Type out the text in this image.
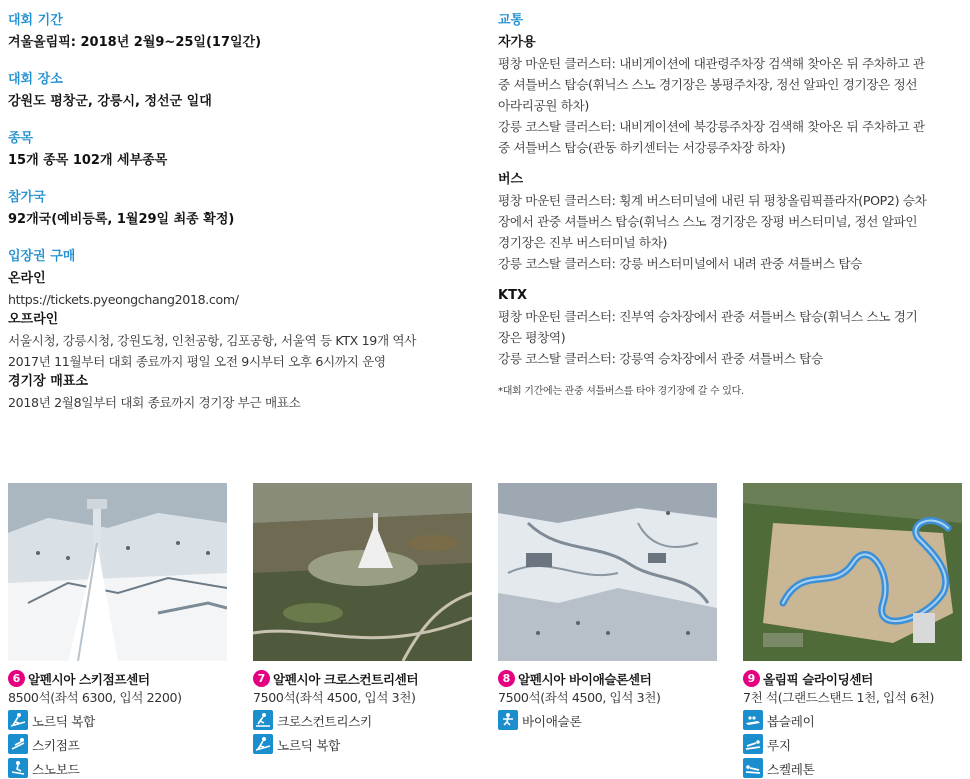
대회 기간

겨울올림픽: 2018년 2월9~25일(17일간)

대회 장소

강원도 평창군, 강릉시, 정선군 일대

종목

15개 종목 102개 세부종목

참가국

92개국(예비등록, 1월29일 최종 확정)

입장권 구매

온라인

https://tickets.pyeongchang2018.com/

오프라인

서울시청, 강릉시청, 강원도청, 인천공항, 김포공항, 서울역 등 KTX 19개 역사

2017년 11월부터 대회 종료까지 평일 오전 9시부터 오후 6시까지 운영

경기장 매표소

2018년 2월8일부터 대회 종료까지 경기장 부근 매표소

교통

자가용

평창 마운틴 클러스터: 내비게이션에 대관령주차장 검색해 찾아온 뒤 주차하고 관

중 셔틀버스 탑승(휘닉스 스노 경기장은 봉평주차장, 정선 알파인 경기장은 정선

아라리공원 하차)

강릉 코스탈 클러스터: 내비게이션에 북강릉주차장 검색해 찾아온 뒤 주차하고 관

중 셔틀버스 탑승(관동 하키센터는 서강릉주차장 하차)

버스

평창 마운틴 클러스터: 횡계 버스터미널에 내린 뒤 평창올림픽플라자(POP2) 승차

장에서 관중 셔틀버스 탑승(휘닉스 스노 경기장은 장평 버스터미널, 정선 알파인

경기장은 진부 버스터미널 하차)

강릉 코스탈 클러스터: 강릉 버스터미널에서 내려 관중 셔틀버스 탑승

KTX

평창 마운틴 클러스터: 진부역 승차장에서 관중 셔틀버스 탑승(휘닉스 스노 경기

장은 평창역)

강릉 코스탈 클러스터: 강릉역 승차장에서 관중 셔틀버스 탑승

*대회 기간에는 관중 셔틀버스를 타야 경기장에 갈 수 있다.

6 알펜시아 스키점프센터
8500석(좌석 6300, 입석 2200)
노르딕 복합
스키점프
스노보드
7 알펜시아 크로스컨트리센터
7500석(좌석 4500, 입석 3천)
크로스컨트리스키
노르딕 복합
8 알펜시아 바이애슬론센터
7500석(좌석 4500, 입석 3천)
바이애슬론
9 올림픽 슬라이딩센터
7천 석(그랜드스탠드 1천, 입석 6천)
봅슬레이
루지
스켈레톤
